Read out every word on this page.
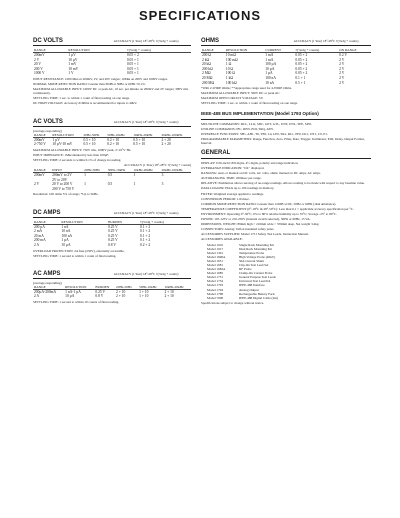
SPECIFICATIONS
DC VOLTS	ACCURACY (1 Year) 18°-28°C ±(%rdg + counts)
RANGE	RESOLUTION	±(%rdg + counts)
200mV	1 µV	0.05 + 2
2 V	10 µV	0.05 + 1
20 V	1 mV	0.05 + 1
200 V	10 mV	0.05 + 1
1000 V	1 V	0.05 + 1
INPUT RESISTANCE: 1000 MΩ on 200mV, 2V, and 20V ranges; 10MΩ on 200V and 1000V ranges.
NORMAL MODE REJECTION RATIO: Greater than 60dB at 50Hz or 60Hz ±0.1%.
MAXIMUM ALLOWABLE INPUT: 1000V DC or peak AC, 10 sec. per minute on 200mV and 2V ranges; 300V rms continuously.
SETTLING TIME: 1 sec. to within 1 count of final reading on one range.
DC HIGH VOLTAGE: Accessory #1600A is recommended for inputs to 40kV.
AC VOLTS	ACCURACY (1 Year) 18°-28°C ±(%rdg + counts)
(average responding)
RANGE	RESOLUTION	20Hz-50Hz	50Hz-10kHz	10kHz-20kHz	20kHz-100kHz
200mV	1 µV	0.5 + 10	0.2 + 10	0.5 + 10	2 + 20
2-750 V	10 µV-10 mV	0.5 + 10	0.2 + 10	0.5 + 10	2 + 20
MAXIMUM ALLOWABLE INPUT: 750V rms, 1000V peak, 2×10⁷V·Hz.
INPUT IMPEDANCE: 1MΩ shunted by less than 100pF.
SETTLING TIME: 2 seconds to within 0.1% of change in reading.
ACCURACY (1 Year) 18°-28°C ±(%rdg + counts)
RANGE	INPUT	20Hz-50Hz	50Hz-10kHz	10kHz-20kHz	20kHz-100kHz
200mV	200mV to 2V	1	0.5	1	3
	2V to 20V				
2 V	20 V to 200 V	1	0.5	1	3
	200 V to 750 V				
Resolution: 100 ohms 5% of range; *Up to 5kHz.
DC AMPS	ACCURACY (1 Year) 18°-28°C ±(%rdg + counts)
RANGE	RESOLUTION	BURDEN	±(%rdg + counts)
200 µA	1 nA	0.25 V	0.1 + 2
2 mA	10 nA	0.25 V	0.1 + 2
20 mA	100 nA	0.25 V	0.1 + 2
200 mA	1 µA	0.25 V	0.1 + 2
2 A	10 µA	0.8 V	0.2 + 2
OVERLOAD PROTECTION: 2A fuse (250V), externally accessible.
SETTLING TIME: 1 second to within 1 count of final reading.
AC AMPS	ACCURACY (1 Year) 18°-28°C ±(%rdg + counts)
(average responding)
RANGE	RESOLUTION	BURDEN	20Hz-50Hz	50Hz-10kHz	10kHz-20kHz
200µA-200mA	1 nA-1 µA	0.25 V	2 + 10	1 + 10	2 + 10
2 A	10 µA	0.8 V	2 + 10	1 + 10	2 + 10
SETTLING TIME: 1 second to within 10 counts of final reading.
OHMS	ACCURACY (1 Year) 18°-28°C ±(%rdg + counts)
RANGE	RESOLUTION	CURRENT	±(%rdg + counts)	ON RANGE
200 Ω	10 mΩ	1 mA	0.05 + 2	0.2 V
2 kΩ	100 mΩ	1 mA	0.05 + 2	2 V
20 kΩ	1 Ω	100 µA	0.05 + 2	2 V
200 kΩ	10 Ω	10 µA	0.05 + 2	2 V
2 MΩ	100 Ω	1 µA	0.05 + 2	2 V
20 MΩ	1 kΩ	100 nA	0.1 + 1	2 V
200 MΩ	100 kΩ	10 nA	0.5 + 1	2 V
*With 2-WIRE Ohms; **Appropriate range used for 4-WIRE Ohms.
MAXIMUM ALLOWABLE INPUT: 300V DC or peak AC.
MAXIMUM OPEN CIRCUIT VOLTAGE: 5V.
SETTLING TIME: 1 sec. to within 1 count of final reading on one range.
IEEE-488 BUS IMPLEMENTATION (Model 1793 Option)
MULTILINE COMMANDS: DCL, LLO, SDC, GET, GTL, UNT, UNL, SPE, SPD.
UNILINE COMMANDS: IFC, REN, EOI, SRQ, ATN.
INTERFACE FUNCTIONS: SH1, AH1, T6, TE0, L4, LE0, SR1, RL1, PP0, DC1, DT1, C0, E1.
PROGRAMMABLE PARAMETERS: Range, Function, Zero, Filter, Rate, Trigger, Terminator, EOI, Delay, Output Format, Interval.
GENERAL
DISPLAY: 0.56-inch LED digits, 4½ digits, polarity and range indication.
OVERRANGE INDICATION: "OL" displayed.
RANGING: Auto or manual on DC volts, AC volts, ohms; manual on DC amps, AC amps.
AUTORANGING TIME: 450msec per range.
RELATIVE: Pushbutton allows zeroing of on-range readings. Allows reading to be made with respect to any baseline value.
DATA LOGGER: Holds up to 100 readings in memory.
FILTER: Weighted average applied to readings.
CONVERSION PERIOD: 110 msec.
COMMON MODE REJECTION RATIO: Greater than 120dB at DC, 50Hz or 60Hz (1kΩ unbalance).
TEMPERATURE COEFFICIENT (0°-18°C & 28°-50°C): Less than 0.1 × applicable accuracy specification per °C.
ENVIRONMENT: Operating 0°-50°C, 0% to 80% relative humidity up to 35°C; Storage -25° to 60°C.
POWER: 105-125V or 210-250V (internal switch selected), 50Hz or 60Hz, 15 VA.
DIMENSIONS, WEIGHT: 89mm high × 216mm wide × 359mm deep. Net weight 3.4kg.
CONNECTORS: Analog: Teflon insulated safety jacks.
ACCESSORIES SUPPLIED: Model 1751 Safety Test Leads, Instruction Manual.
ACCESSORIES AVAILABLE:
Model 1010	Single Rack Mounting Kit
Model 1017	Dual Rack Mounting Kit
Model 1301	Temperature Probe
Model 1600A	High Voltage Probe (40kV)
Model 1651	50A Current Shunt
Model 1681	Clip-On Test Lead Set
Model 1682A	RF Probe
Model 1685	Clamp-On Current Probe
Model 1751	General Purpose Test Leads
Model 1754	Universal Test Lead Kit
Model 1793	IEEE-488 Interface
Model 1794	Analog Output
Model 1798	Rechargeable Battery Pack
Model 7008	IEEE-488 Digital Cable (2m)
Specifications subject to change without notice.
